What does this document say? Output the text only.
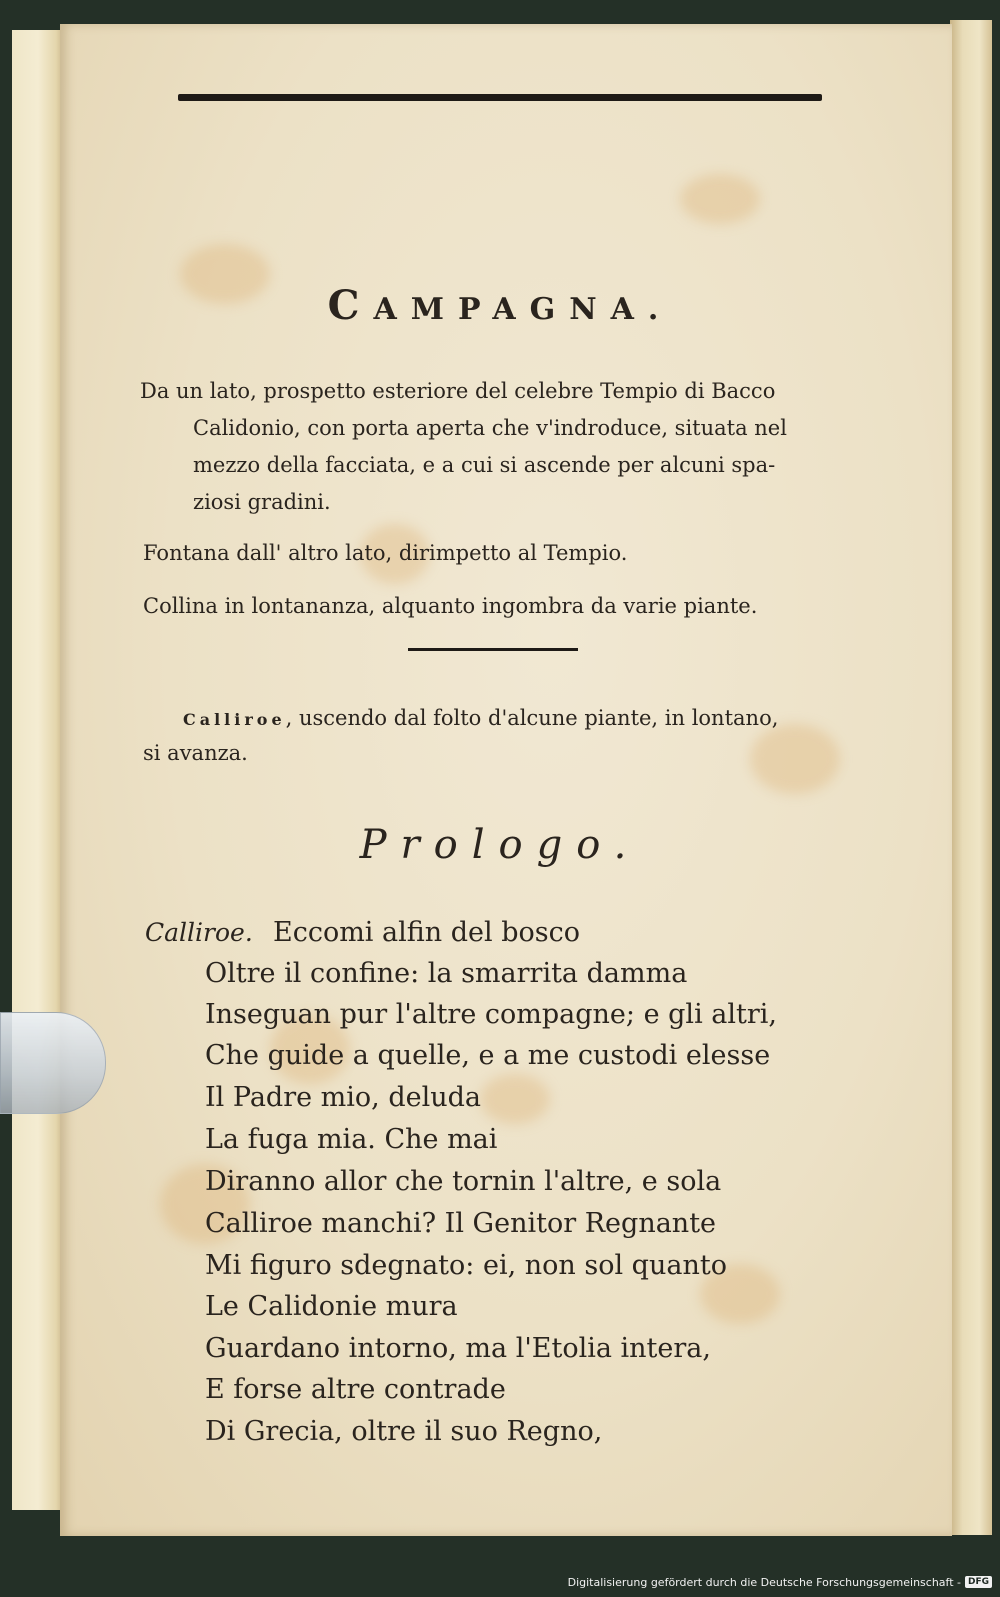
CAMPAGNA.
Da un lato, prospetto esteriore del celebre Tempio di Bacco
Calidonio, con porta aperta che v'indroduce, situata nel
mezzo della facciata, e a cui si ascende per alcuni spa-
ziosi gradini.
Fontana dall' altro lato, dirimpetto al Tempio.
Collina in lontananza, alquanto ingombra da varie piante.
Calliroe, uscendo dal folto d'alcune piante, in lontano,
si avanza.
Prologo.
Calliroe. Eccomi alfin del bosco
Oltre il confine: la smarrita damma
Inseguan pur l'altre compagne; e gli altri,
Che guide a quelle, e a me custodi elesse
Il Padre mio, deluda
La fuga mia. Che mai
Diranno allor che tornin l'altre, e sola
Calliroe manchi? Il Genitor Regnante
Mi figuro sdegnato: ei, non sol quanto
Le Calidonie mura
Guardano intorno, ma l'Etolia intera,
E forse altre contrade
Di Grecia, oltre il suo Regno,
Digitalisierung gefördert durch die Deutsche Forschungsgemeinschaft - DFG
